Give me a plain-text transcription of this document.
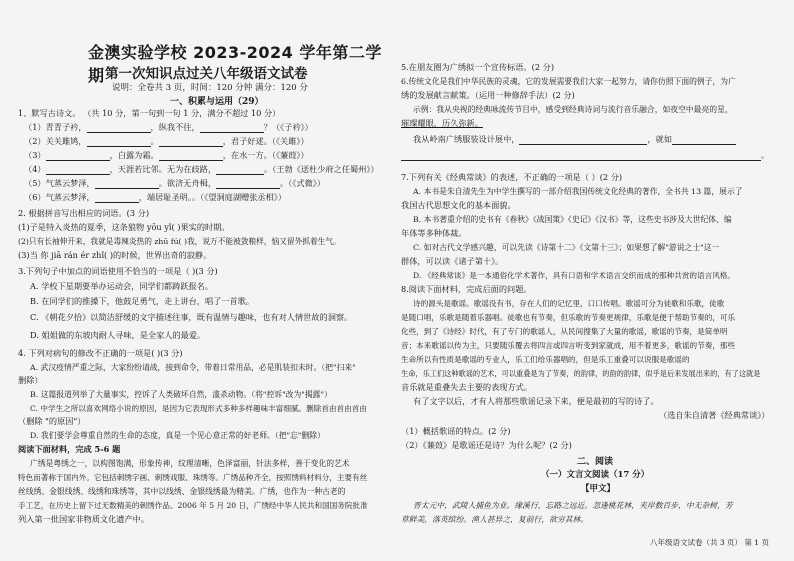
金澳实验学校 2023-2024 学年第二学期 第一次知识点过关八年级语文试卷
说明：全卷共 3 页，时间：120 分钟 满分：120 分
一、积累与运用（29）
1、默写古诗文。 （共 10 分，第一句到一句 1 分，满分不超过 10 分）
（1）青青子衿，	，纵我不往，	？（《子衿》）
（2）关关雎鸠，	。	，君子好逑。（《关雎》）
（3）	，白露为霜。	，在水一方。（《蒹葭》）
（4）	，天涯若比邻。无为在歧路，	。（王勃《送杜少府之任蜀州》）
（5）气蒸云梦泽，	。欲济无舟楫，	。（《式微》）
（6）气蒸云梦泽，	，端居耻圣明。。（《望洞庭湖赠张丞相》）
2. 根据拼音写出相应的词语。(3 分)
(1)子是特入炎热的夏季，这条狼物 yōu yǐ( )果实的时期。
(2)只有长袖伸开来，我就是毒辣炎热的 zhū fú( )我，说万不能被敛粮样，恼又留外抓着生气。
(3)当 你 jiā rán ér zhǐ( )的时候，世界出奇的寂静。
3.下列句子中加点的词语使用不恰当的一项是（ )(3 分)
A. 学校下星期要举办运动会，同学们都踌跃报名。
B. 在同学们的推搡下，他鼓足勇气，走上讲台，唱了一首歌。
C. 《朝花夕拾》以简洁舒缓的文字描述往事，既有温情与趣味，也有对人情世故的洞察。
D. 姐姐做的东坡肉耐人寻味，是全家人的最爱。
4. 下列对病句的修改不正确的一项是( )(3 分)
A. 武汉疫情严重之际，大家纷纷请战，接到命令，带着日常用品，必是肌装扣未时。（把"扫来"
删除）
B. 这篇报道列举了大量事实，控诉了人类破坏自然，滥杀动物。（将"控诉"改为"揭露"）
C. 中学生之所以喜欢网络小说的原因，是因为它表现形式多种多样趣味丰富细腻。删除首由首由首由
（删除 "的原因"）
D. 我们要学会尊重自然的生命的态度，真是一个见心意正常的好老师。（把"忘"删除）
阅读下面材料，完成 5-6 题
广绣是粤绣之一，以构图饱满，形象传神，纹理清晰，色泽富丽，针法多样，善于变化的艺术
特色而著称于国内外。它包括刺绣字画、刺绣戏服、珠绣等。广绣品种齐全，按照绣料材料分，主要有丝
丝线绣、金银线绣、线绣和珠绣等，其中以线绣、金银线绣最为精美。广绣，也作为一种古老的
手工艺，在历史上留下过无数精美的刺绣作品。2006 年 5 月 20 日，广绣经中华人民共和国国务院批准
列入第一批国家非物质文化遗产中。
5.在朋友圈为广绣拟一个宣传标语。(2 分)
6.传统文化是我们中华民族的灵魂，它的发展需要我们大家一起努力，请你仿照下面的例子，为广
绣的发展献言献策。（运用一种修辞手法）(2 分)
示例：我从央视的经典咏流传节目中，感受到经典诗词与流行音乐融合，如夜空中最亮的星，
璀璨耀眼，历久弥新。
我从岭南广绣服装设计展中，	，就如
。
7.下列有关《经典常谈》的表述，不正确的一项是（ ）(2 分)
A. 本书是朱自清先生为中学生撰写的一部介绍我国传统文化经典的著作，全书共 13 篇，展示了
我国古代思想文化的基本面貌。
B. 本书著重介绍的史书有《春秋》《战国策》《史记》《汉书》等，这些史书涉及大世纪体、编
年体等多种体裁。
C. 如对古代文学感兴趣，可以先读《诗第十二》《文第十三》；如果想了解"游说之士"这一
群体，可以读《诸子第十》。
D. 《经典常谈》是一本通俗化学术著作，具有口语和学术语言交织而成的那种共赏的语言风格。
8.阅读下面材料，完成后面的问题。
诗的源头是歌谣。歌谣没有书，存在人们的记忆里，口口传唱。歌谣可分为徒歌和乐歌，徒歌
是随口唱，乐歌是随着乐器唱。徒歌也有节奏，但乐歌的节奏更规律，乐歌是便于帮助节奏的，可乐
化些，到了《诗经》时代，有了专门的歌谣人，从民间搜集了大量的歌谣，歌谣的节奏，是简单明
音；本来歌谣以传为主，只要随乐覆去将四言或四言听变到家就成，用不着更多，歌谣的节奏，那些
生命所以有性质是歌谣的专业人，乐工们给乐器唱的，但是乐工重叠可以说服是歌谣的
生命，乐工们这种歌谣的艺术，可以重叠是为了节奏，的韵律，的韵的韵律，似乎是后来发展出来的，有了这就是
音乐就是重叠失去主要的表现方式。
有了文字以后，才有人将那些歌谣记录下来，便是最初的写的诗了。
（选自朱自清著《经典常谈》）
（1）概括歌谣的特点。(2 分)
（2）《蒹葭》是歌谣还是诗？为什么呢？(2 分)
二、阅读
（一）文言文阅读（17 分）
【甲文】
晋太元中，武陵人捕鱼为业。缘溪行，忘路之远近。忽逢桃花林，夹岸数百步，中无杂树，芳
草鲜美，落英缤纷。渔人甚异之，复前行，欲穷其林。
八年级语文试卷（共 3 页） 第 1 页
